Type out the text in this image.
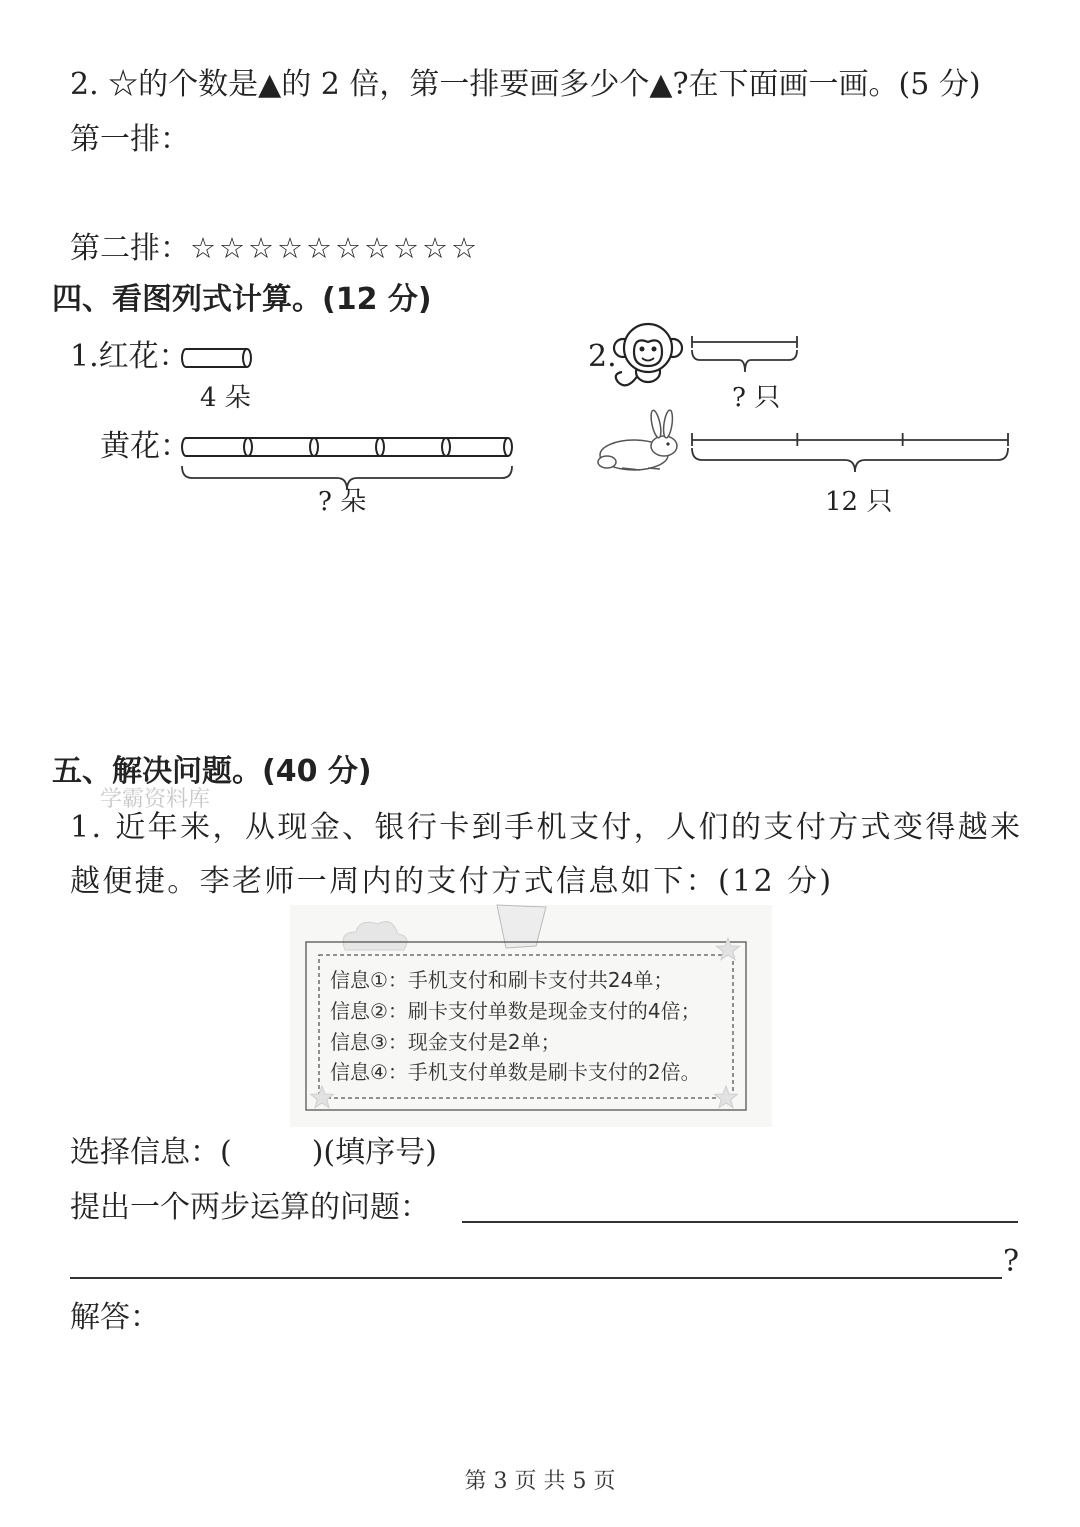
2. ☆的个数是▲的 2 倍，第一排要画多少个▲?在下面画一画。(5 分)
第一排：
第二排：☆☆☆☆☆☆☆☆☆☆
四、看图列式计算。(12 分)
1.红花：
4 朵
黄花：
? 朵
2.
? 只
12 只
五、解决问题。(40 分)
学霸资料库
1. 近年来，从现金、银行卡到手机支付，人们的支付方式变得越来
越便捷。李老师一周内的支付方式信息如下：(12 分)
信息①：手机支付和刷卡支付共24单；
信息②：刷卡支付单数是现金支付的4倍；
信息③：现金支付是2单；
信息④：手机支付单数是刷卡支付的2倍。
选择信息：(	)(填序号)
提出一个两步运算的问题：
?
解答：
第 3 页 共 5 页
